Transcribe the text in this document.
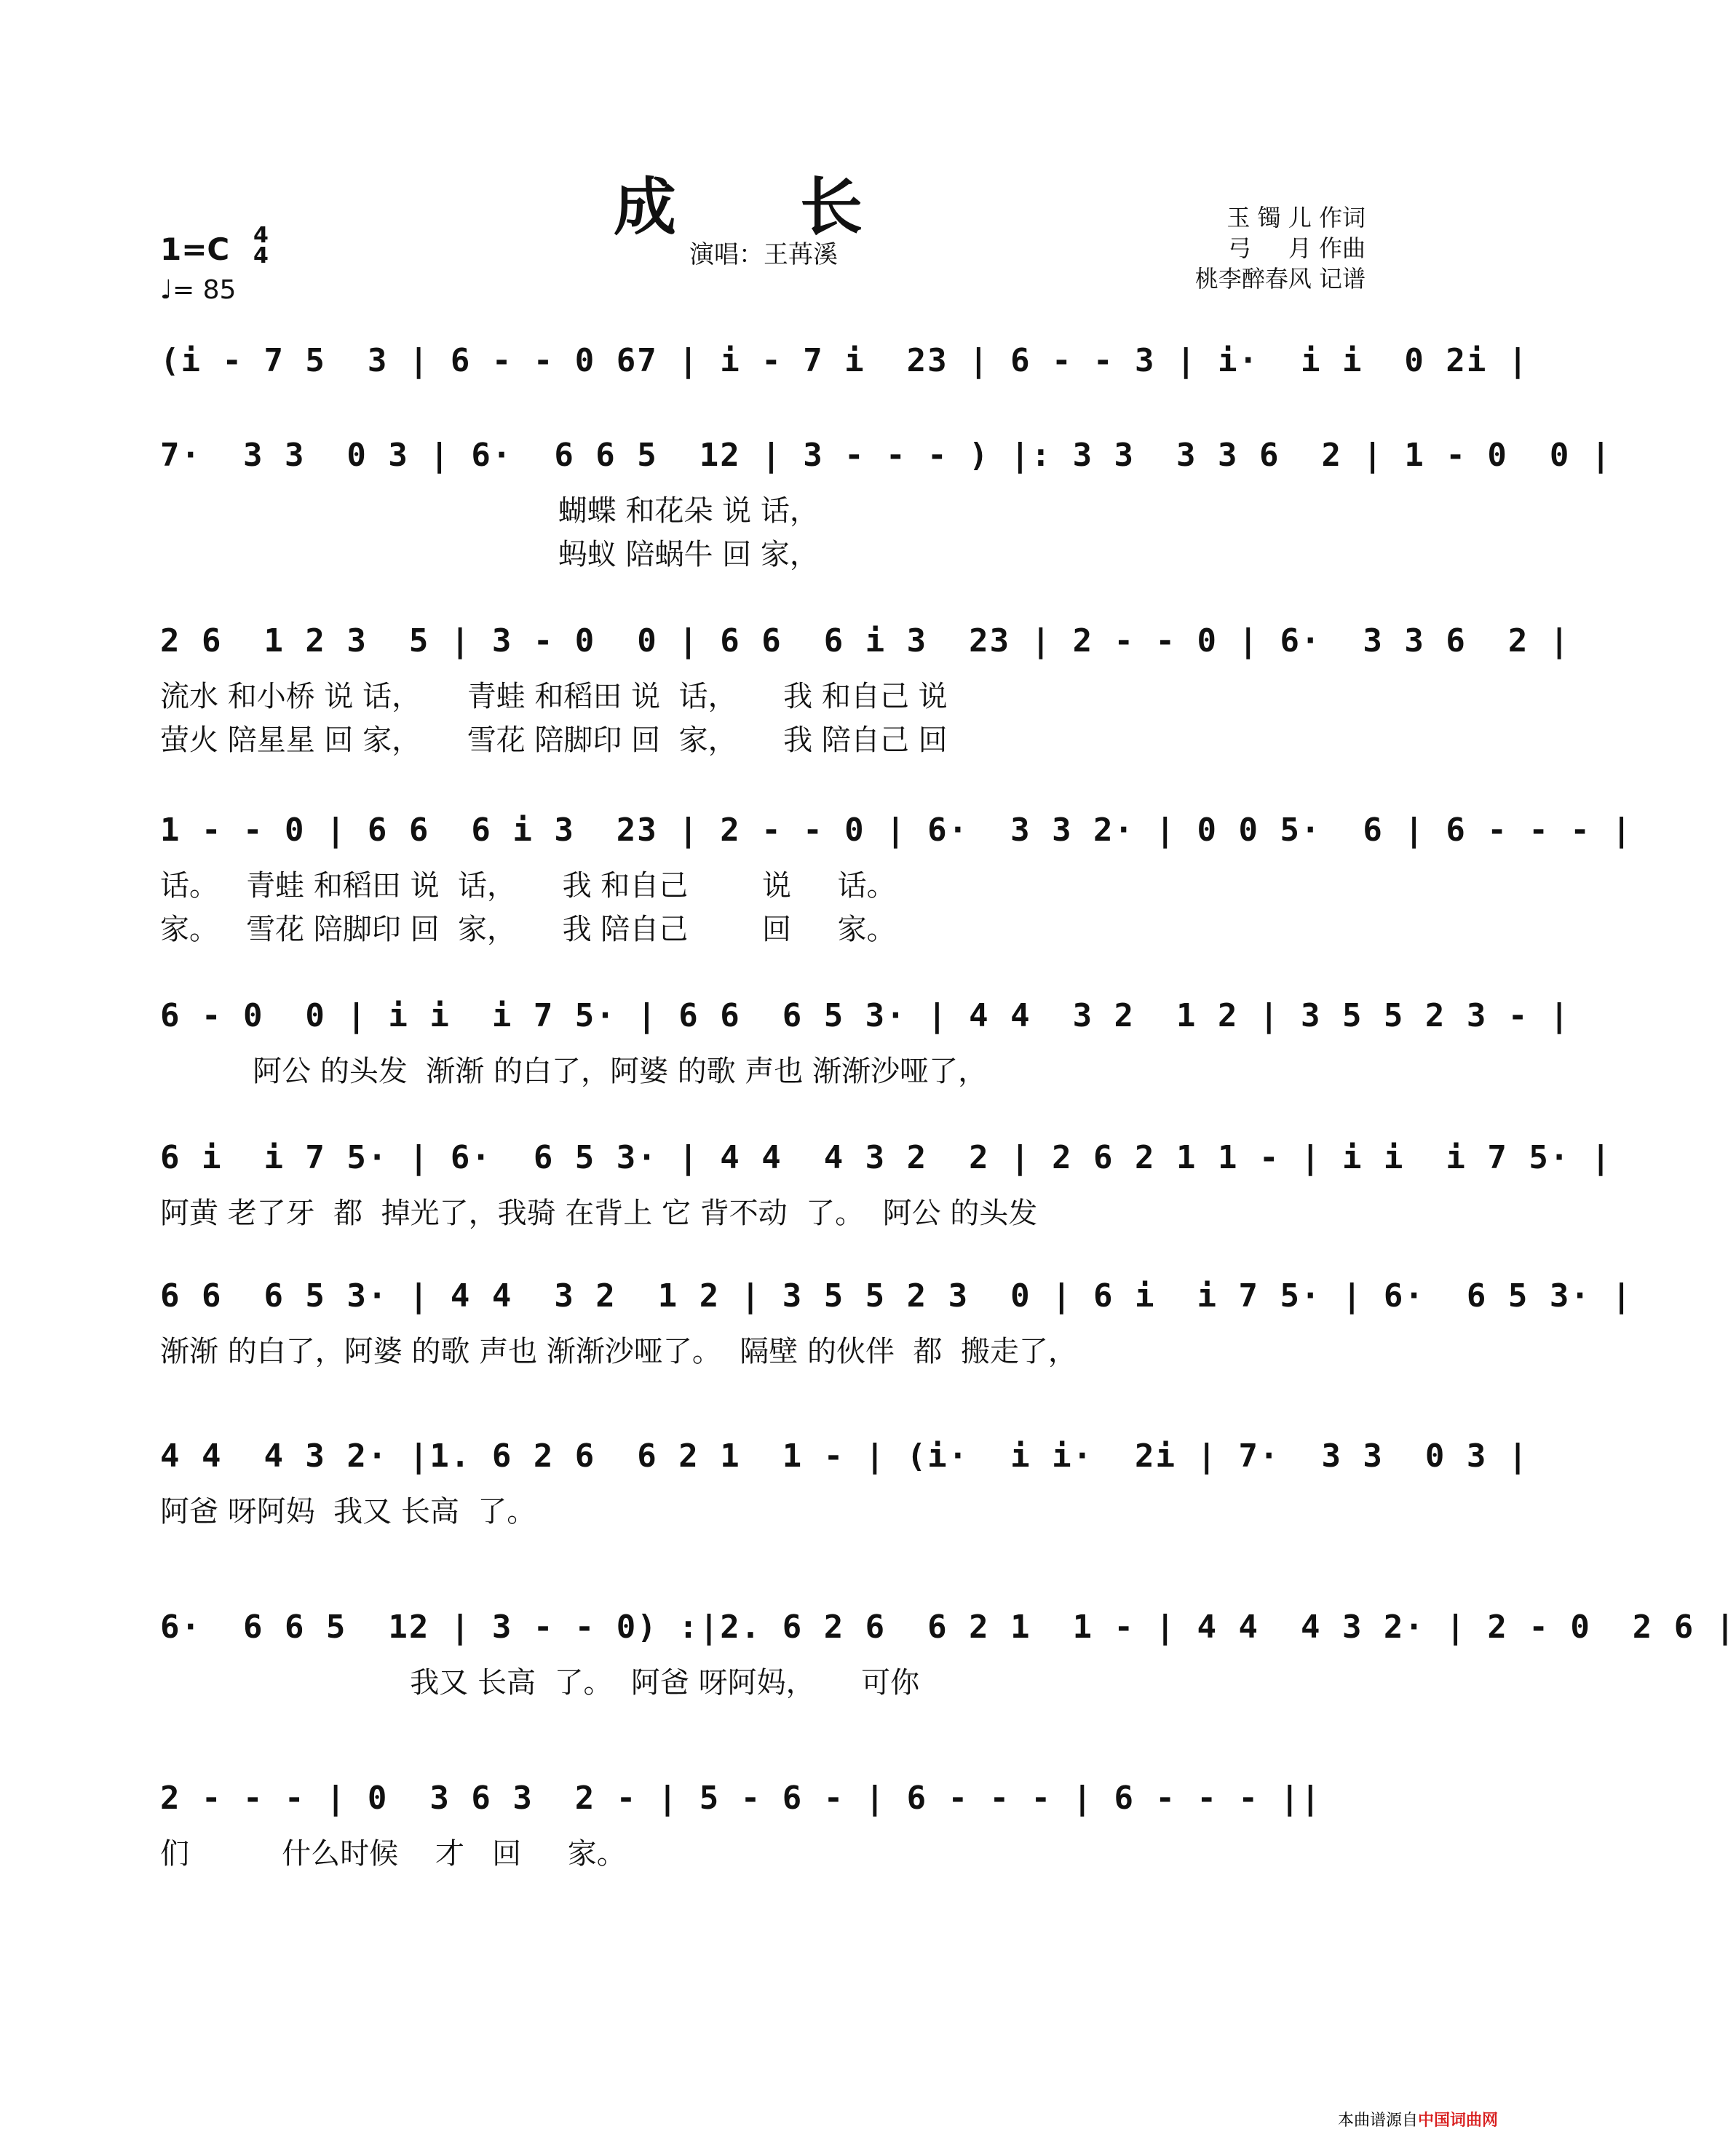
成 长
演唱：王苒溪
1=C 4
4
♩= 85
玉 镯 儿 作词
弓     月 作曲
桃李醉春风 记谱
(i - 7 5  3 | 6 - - 0 67 | i - 7 i  23 | 6 - - 3 | i·  i i  0 2i |
7·  3 3  0 3 | 6·  6 6 5  12 | 3 - - - ) |: 3 3  3 3 6  2 | 1 - 0  0 |
蝴蝶 和花朵 说 话，
蚂蚁 陪蜗牛 回 家，
2 6  1 2 3  5 | 3 - 0  0 | 6 6  6 i 3  23 | 2 - - 0 | 6·  3 3 6  2 |
流水 和小桥 说 话，     青蛙 和稻田 说  话，     我 和自己 说
萤火 陪星星 回 家，     雪花 陪脚印 回  家，     我 陪自己 回
1 - - 0 | 6 6  6 i 3  23 | 2 - - 0 | 6·  3 3 2· | 0 0 5·  6 | 6 - - - |
话。   青蛙 和稻田 说  话，     我 和自己        说     话。
家。   雪花 陪脚印 回  家，     我 陪自己        回     家。
6 - 0  0 | i i  i 7 5· | 6 6  6 5 3· | 4 4  3 2  1 2 | 3 5 5 2 3 - |
阿公 的头发  渐渐 的白了，阿婆 的歌 声也 渐渐沙哑了，
6 i  i 7 5· | 6·  6 5 3· | 4 4  4 3 2  2 | 2 6 2 1 1 - | i i  i 7 5· |
阿黄 老了牙  都  掉光了，我骑 在背上 它 背不动  了。  阿公 的头发
6 6  6 5 3· | 4 4  3 2  1 2 | 3 5 5 2 3  0 | 6 i  i 7 5· | 6·  6 5 3· |
渐渐 的白了，阿婆 的歌 声也 渐渐沙哑了。  隔壁 的伙伴  都  搬走了，
4 4  4 3 2· |1. 6 2 6  6 2 1  1 - | (i·  i i·  2i | 7·  3 3  0 3 |
阿爸 呀阿妈  我又 长高  了。
6·  6 6 5  12 | 3 - - 0) :|2. 6 2 6  6 2 1  1 - | 4 4  4 3 2· | 2 - 0  2 6 |
我又 长高  了。  阿爸 呀阿妈，     可你
2 - - - | 0  3 6 3  2 - | 5 - 6 - | 6 - - - | 6 - - - ||
们          什么时候    才   回     家。
本曲谱源自中国词曲网
